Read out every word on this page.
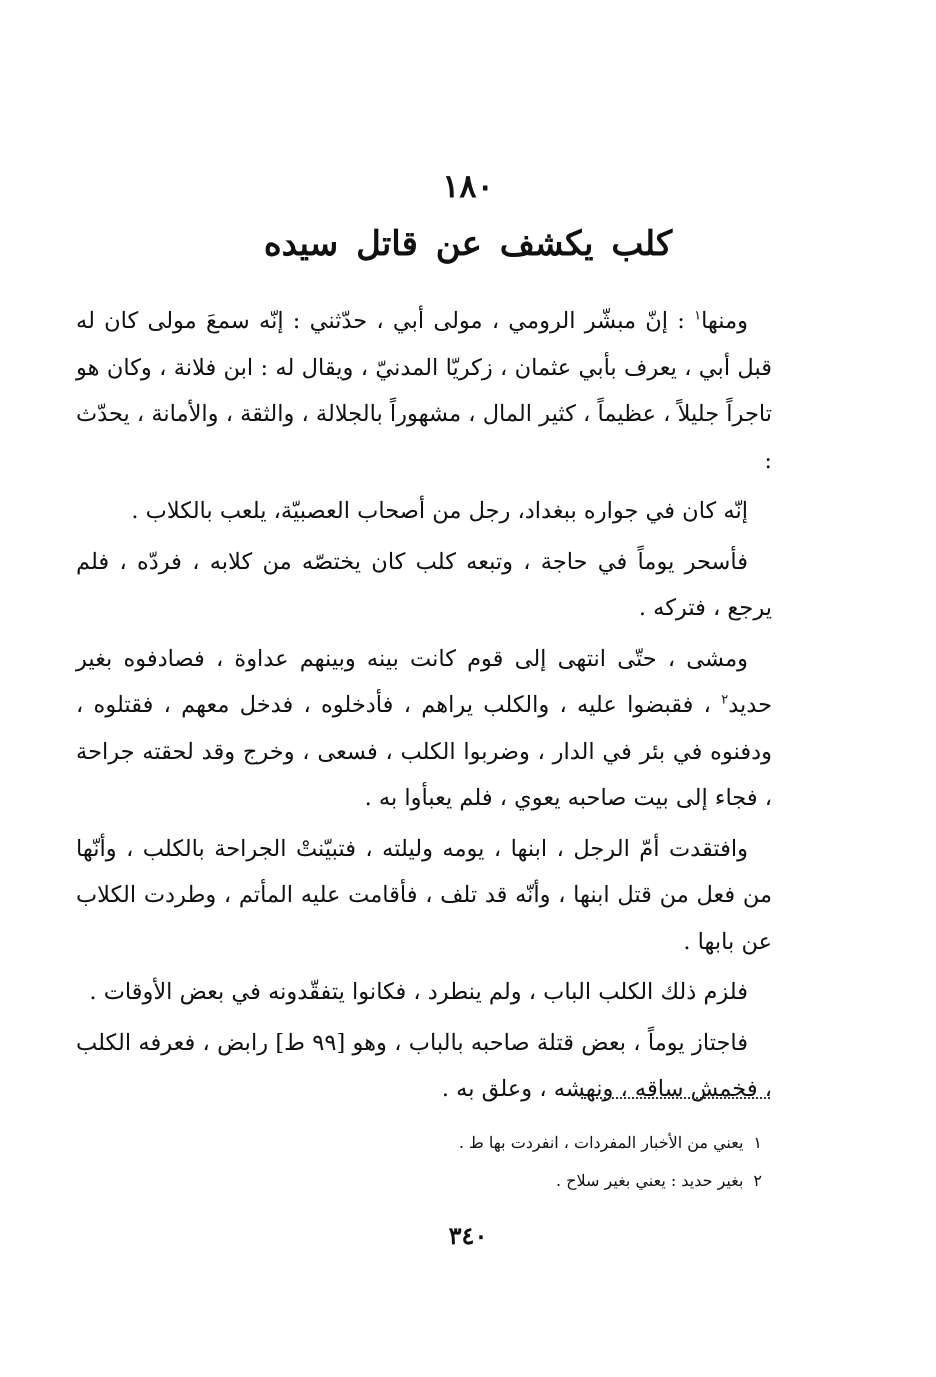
١٨٠
كلب يكشف عن قاتل سيده

ومنها$^١$ : إنّ مبشّر الرومي ، مولى أبي ، حدّثني : إنّه سمعَ مولى كان له قبل أبي ، يعرف بأبي عثمان ، زكريّا المدنيّ ، ويقال له : ابن فلانة ، وكان هو تاجراً جليلاً ، عظيماً ، كثير المال ، مشهوراً بالجلالة ، والثقة ، والأمانة ، يحدّث :

إنّه كان في جواره ببغداد، رجل من أصحاب العصبيّة، يلعب بالكلاب .

فأسحر يوماً في حاجة ، وتبعه كلب كان يختصّه من كلابه ، فردّه ، فلم يرجع ، فتركه .

ومشى ، حتّى انتهى إلى قوم كانت بينه وبينهم عداوة ، فصادفوه بغير حديد$^٢$ ، فقبضوا عليه ، والكلب يراهم ، فأدخلوه ، فدخل معهم ، فقتلوه ، ودفنوه في بئر في الدار ، وضربوا الكلب ، فسعى ، وخرج وقد لحقته جراحة ، فجاء إلى بيت صاحبه يعوي ، فلم يعبأوا به .

وافتقدت أمّ الرجل ، ابنها ، يومه وليلته ، فتبيّنتْ الجراحة بالكلب ، وأنّها من فعل من قتل ابنها ، وأنّه قد تلف ، فأقامت عليه المأتم ، وطردت الكلاب عن بابها .

فلزم ذلك الكلب الباب ، ولم ينطرد ، فكانوا يتفقّدونه في بعض الأوقات .

فاجتاز يوماً ، بعض قتلة صاحبه بالباب ، وهو [٩٩ ط] رابض ، فعرفه الكلب ، فخمش ساقه ، ونهشه ، وعلق به .

١يعني من الأخبار المفردات ، انفردت بها ط .
٢بغير حديد : يعني بغير سلاح .
٣٤٠
